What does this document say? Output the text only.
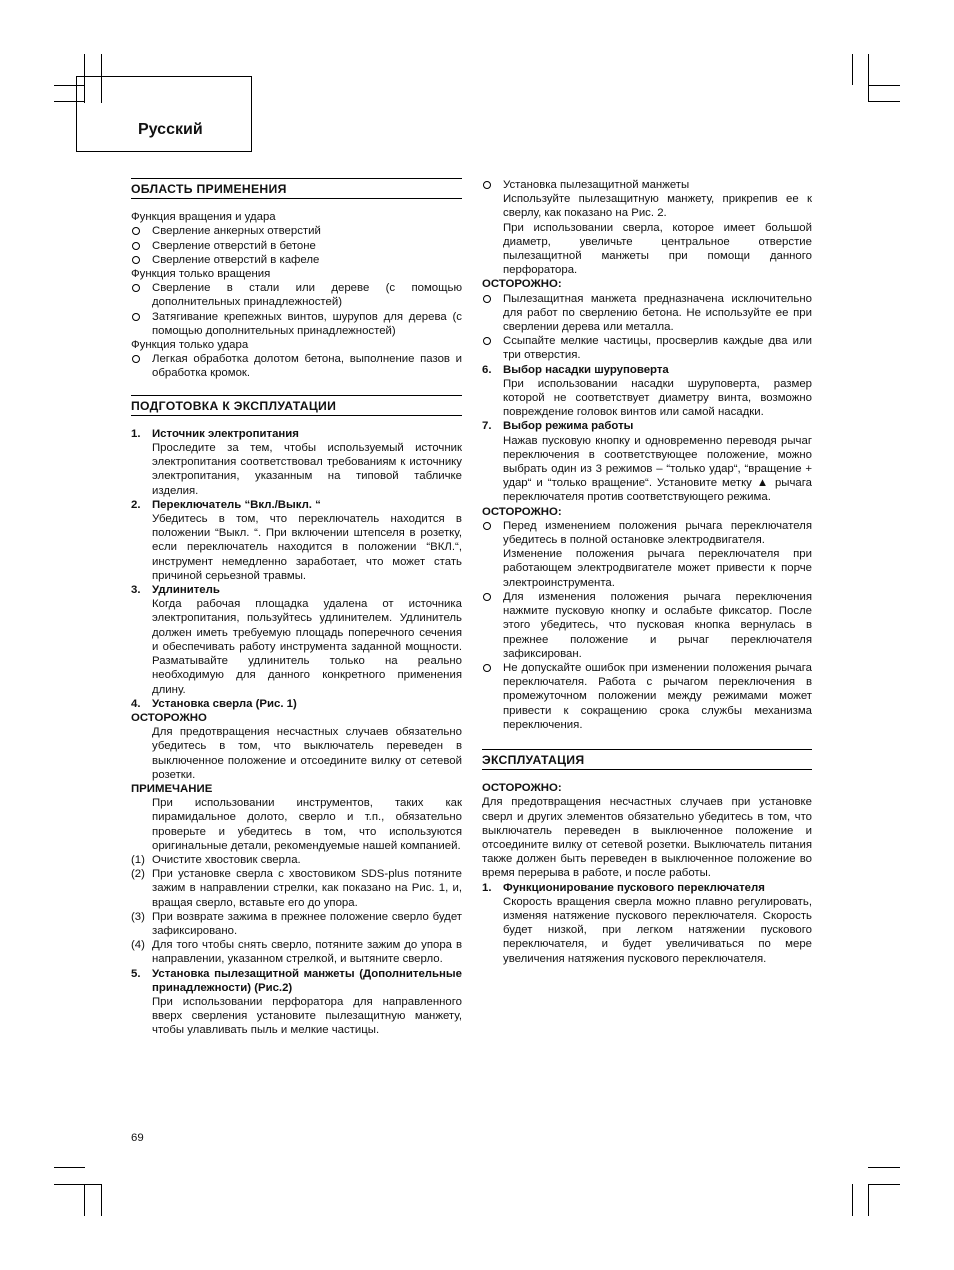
Русский
ОБЛАСТЬ ПРИМЕНЕНИЯ
Функция вращения и удара
Сверление анкерных отверстий
Сверление отверстий в бетоне
Сверление отверстий в кафеле
Функция только вращения
Сверление в стали или дереве (с помощью дополнительных принадлежностей)
Затягивание крепежных винтов, шурупов для дерева (с помощью дополнительных принадлежностей)
Функция только удара
Легкая обработка долотом бетона, выполнение пазов и обработка кромок.
ПОДГОТОВКА К ЭКСПЛУАТАЦИИ
1. Источник электропитания
Проследите за тем, чтобы используемый источник электропитания соответствовал требованиям к источнику электропитания, указанным на типовой табличке изделия.
2. Переключатель “Вкл./Выкл. “
Убедитесь в том, что переключатель находится в положении “Выкл. “. При включении штепселя в розетку, если переключатель находится в положении “ВКЛ.“, инструмент немедленно заработает, что может стать причиной серьезной травмы.
3. Удлинитель
Когда рабочая площадка удалена от источника электропитания, пользуйтесь удлинителем. Удлинитель должен иметь требуемую площадь поперечного сечения и обеспечивать работу инструмента заданной мощности. Разматывайте удлинитель только на реально необходимую для данного конкретного применения длину.
4. Установка сверла (Рис. 1)
ОСТОРОЖНО
Для предотвращения несчастных случаев обязательно убедитесь в том, что выключатель переведен в выключенное положение и отсоедините вилку от сетевой розетки.
ПРИМЕЧАНИЕ
При использовании инструментов, таких как пирамидальное долото, сверло и т.п., обязательно проверьте и убедитесь в том, что используются оригинальные детали, рекомендуемые нашей компанией.
(1) Очистите хвостовик сверла.
(2) При установке сверла с хвостовиком SDS-plus потяните зажим в направлении стрелки, как показано на Рис. 1, и, вращая сверло, вставьте его до упора.
(3) При возврате зажима в прежнее положение сверло будет зафиксировано.
(4) Для того чтобы снять сверло, потяните зажим до упора в направлении, указанном стрелкой, и вытяните сверло.
5. Установка пылезащитной манжеты (Дополнительные принадлежности) (Рис.2)
При использовании перфоратора для направленного вверх сверления установите пылезащитную манжету, чтобы улавливать пыль и мелкие частицы.
Установка пылезащитной манжеты
Используйте пылезащитную манжету, прикрепив ее к сверлу, как показано на Рис. 2.
При использовании сверла, которое имеет большой диаметр, увеличьте центральное отверстие пылезащитной манжеты при помощи данного перфоратора.
ОСТОРОЖНО:
Пылезащитная манжета предназначена исключительно для работ по сверлению бетона. Не используйте ее при сверлении дерева или металла.
Ссыпайте мелкие частицы, просверлив каждые два или три отверстия.
6. Выбор насадки шуруповерта
При использовании насадки шуруповерта, размер которой не соответствует диаметру винта, возможно повреждение головок винтов или самой насадки.
7. Выбор режима работы
Нажав пусковую кнопку и одновременно переводя рычаг переключения в соответствующее положение, можно выбрать один из 3 режимов – “только удар“, “вращение + удар“ и “только вращение“. Установите метку ▲ рычага переключателя против соответствующего режима.
ОСТОРОЖНО:
Перед изменением положения рычага переключателя убедитесь в полной остановке электродвигателя.
Изменение положения рычага переключателя при работающем электродвигателе может привести к порче электроинструмента.
Для изменения положения рычага переключения нажмите пусковую кнопку и ослабьте фиксатор. После этого убедитесь, что пусковая кнопка вернулась в прежнее положение и рычаг переключателя зафиксирован.
Не допускайте ошибок при изменении положения рычага переключателя. Работа с рычагом переключения в промежуточном положении между режимами может привести к сокращению срока службы механизма переключения.
ЭКСПЛУАТАЦИЯ
ОСТОРОЖНО:
Для предотвращения несчастных случаев при установке сверл и других элементов обязательно убедитесь в том, что выключатель переведен в выключенное положение и отсоедините вилку от сетевой розетки. Выключатель питания также должен быть переведен в выключенное положение во время перерыва в работе, и после работы.
1. Функционирование пускового переключателя
Скорость вращения сверла можно плавно регулировать, изменяя натяжение пускового переключателя. Скорость будет низкой, при легком натяжении пускового переключателя, и будет увеличиваться по мере увеличения натяжения пускового переключателя.
69
